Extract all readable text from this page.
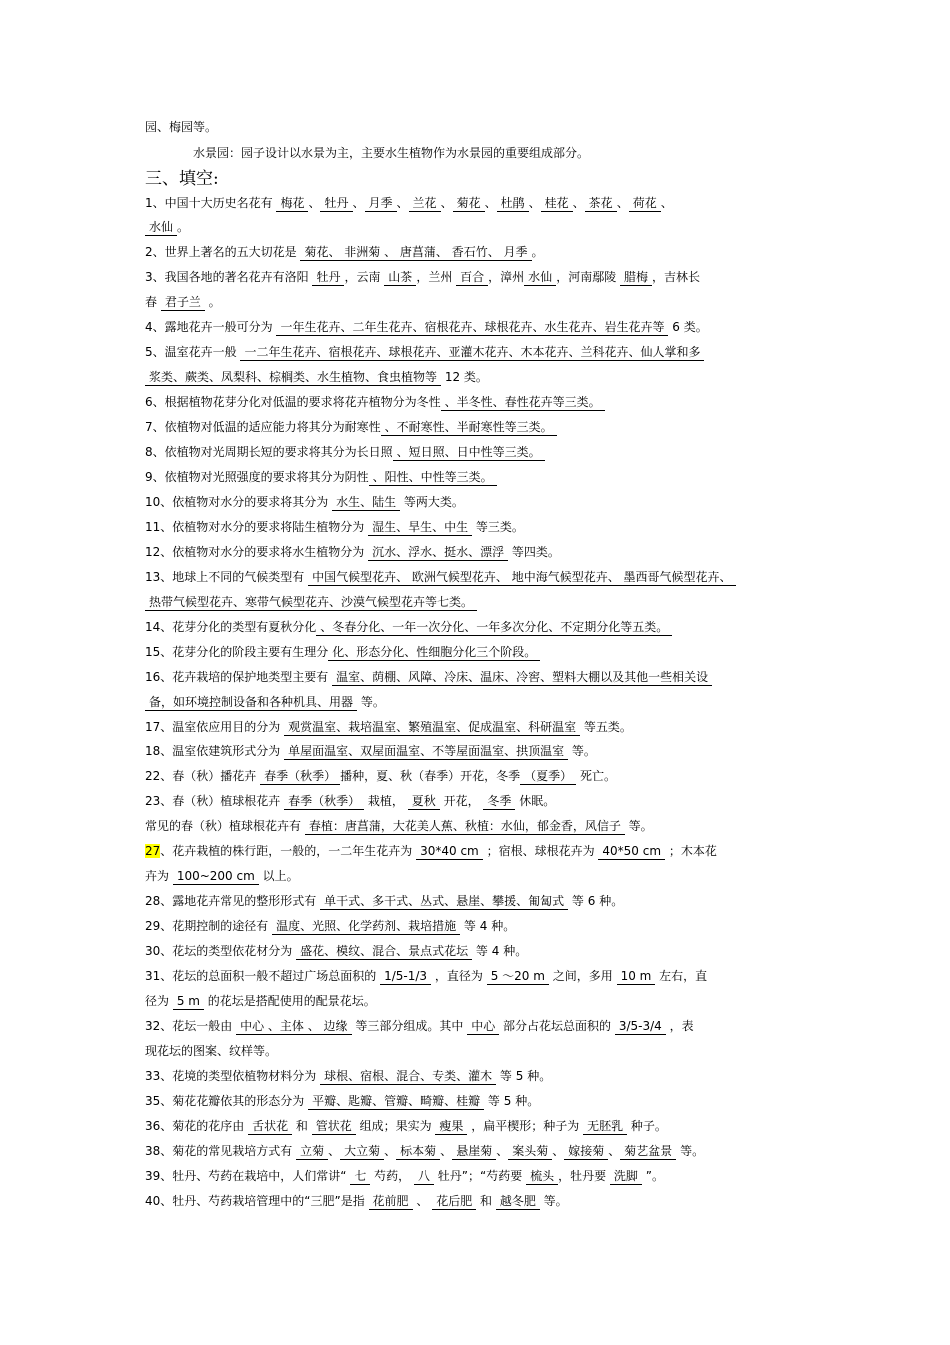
园、梅园等。
水景园：园子设计以水景为主，主要水生植物作为水景园的重要组成部分。
三、填空:
1、中国十大历史名花有 梅花 、 牡丹 、 月季 、 兰花 、 菊花 、 杜鹃 、 桂花 、 茶花 、 荷花 、
水仙 。
2、世界上著名的五大切花是 菊花、 非洲菊 、 唐菖蒲、 香石竹、 月季 。
3、我国各地的著名花卉有洛阳 牡丹 ，云南 山茶 ，兰州 百合 ，漳州 水仙 ，河南鄢陵 腊梅 ，吉林长
春 君子兰 。
4、露地花卉一般可分为 一年生花卉、二年生花卉、宿根花卉、球根花卉、水生花卉、岩生花卉等 6 类。
5、温室花卉一般 一二年生花卉、宿根花卉、球根花卉、亚灌木花卉、木本花卉、兰科花卉、仙人掌和多
浆类、蕨类、凤梨科、棕榈类、水生植物、食虫植物等 12 类。
6、根据植物花芽分化对低温的要求将花卉植物分为冬性 、半冬性、春性花卉等三类。
7、依植物对低温的适应能力将其分为耐寒性 、不耐寒性、半耐寒性等三类。
8、依植物对光周期长短的要求将其分为长日照 、短日照、日中性等三类。
9、依植物对光照强度的要求将其分为阴性 、阳性、中性等三类。
10、依植物对水分的要求将其分为 水生、陆生 等两大类。
11、依植物对水分的要求将陆生植物分为 湿生、旱生、中生 等三类。
12、依植物对水分的要求将水生植物分为 沉水、浮水、挺水、漂浮 等四类。
13、地球上不同的气候类型有 中国气候型花卉、 欧洲气候型花卉、 地中海气候型花卉、 墨西哥气候型花卉、
热带气候型花卉、寒带气候型花卉、沙漠气候型花卉等七类。
14、花芽分化的类型有夏秋分化 、冬春分化、一年一次分化、一年多次分化、不定期分化等五类。
15、花芽分化的阶段主要有生理分 化、形态分化、性细胞分化三个阶段。
16、花卉栽培的保护地类型主要有 温室、荫棚、风障、冷床、温床、冷窖、塑料大棚以及其他一些相关设
备，如环境控制设备和各种机具、用器 等。
17、温室依应用目的分为 观赏温室、栽培温室、繁殖温室、促成温室、科研温室 等五类。
18、温室依建筑形式分为 单屋面温室、双屋面温室、不等屋面温室、拱顶温室 等。
22、春（秋）播花卉 春季（秋季） 播种，夏、秋（春季）开花，冬季 （夏季） 死亡。
23、春（秋）植球根花卉 春季（秋季） 栽植， 夏秋 开花， 冬季 休眠。
常见的春（秋）植球根花卉有 春植：唐菖蒲，大花美人蕉、秋植：水仙，郁金香，风信子 等。
27、花卉栽植的株行距，一般的，一二年生花卉为 30*40 cm ；宿根、球根花卉为 40*50 cm ；木本花
卉为 100~200 cm 以上。
28、露地花卉常见的整形形式有 单干式、多干式、丛式、悬崖、攀援、匍匐式 等 6 种。
29、花期控制的途径有 温度、光照、化学药剂、栽培措施 等 4 种。
30、花坛的类型依花材分为 盛花、模纹、混合、景点式花坛 等 4 种。
31、花坛的总面积一般不超过广场总面积的 1/5-1/3 ，直径为 5 ～20 m 之间，多用 10 m 左右，直
径为 5 m 的花坛是搭配使用的配景花坛。
32、花坛一般由 中心 、主体 、 边缘 等三部分组成。其中 中心 部分占花坛总面积的 3/5-3/4 ，表
现花坛的图案、纹样等。
33、花境的类型依植物材料分为 球根、宿根、混合、专类、灌木 等 5 种。
35、菊花花瓣依其的形态分为 平瓣、匙瓣、管瓣、畸瓣、桂瓣 等 5 种。
36、菊花的花序由 舌状花 和 管状花 组成；果实为 瘦果 ，扁平楔形；种子为 无胚乳 种子。
38、菊花的常见栽培方式有 立菊 、 大立菊 、 标本菊 、 悬崖菊 、 案头菊 、 嫁接菊 、 菊艺盆景 等。
39、牡丹、芍药在栽培中，人们常讲“ 七 芍药， 八 牡丹”；“芍药要 梳头 ，牡丹要 洗脚 ”。
40、牡丹、芍药栽培管理中的“三肥”是指 花前肥 、 花后肥 和 越冬肥 等。
